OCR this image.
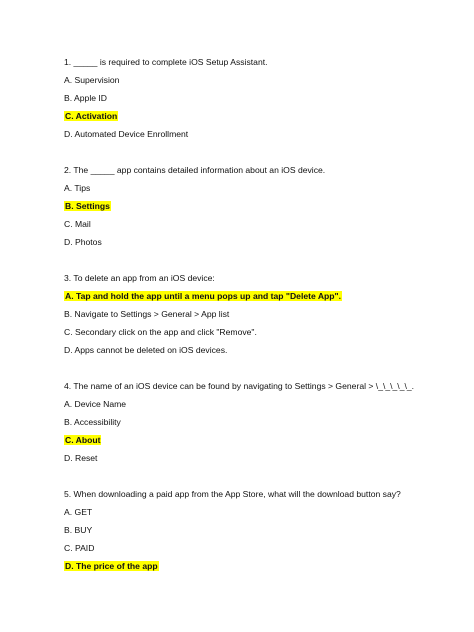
1. _____ is required to complete iOS Setup Assistant.
A. Supervision
B. Apple ID
C. Activation
D. Automated Device Enrollment
2. The _____ app contains detailed information about an iOS device.
A. Tips
B. Settings
C. Mail
D. Photos
3. To delete an app from an iOS device:
A. Tap and hold the app until a menu pops up and tap "Delete App".
B. Navigate to Settings > General > App list
C. Secondary click on the app and click "Remove".
D. Apps cannot be deleted on iOS devices.
4. The name of an iOS device can be found by navigating to Settings > General > \_\_\_\_\_.
A. Device Name
B. Accessibility
C. About
D. Reset
5. When downloading a paid app from the App Store, what will the download button say?
A. GET
B. BUY
C. PAID
D. The price of the app
